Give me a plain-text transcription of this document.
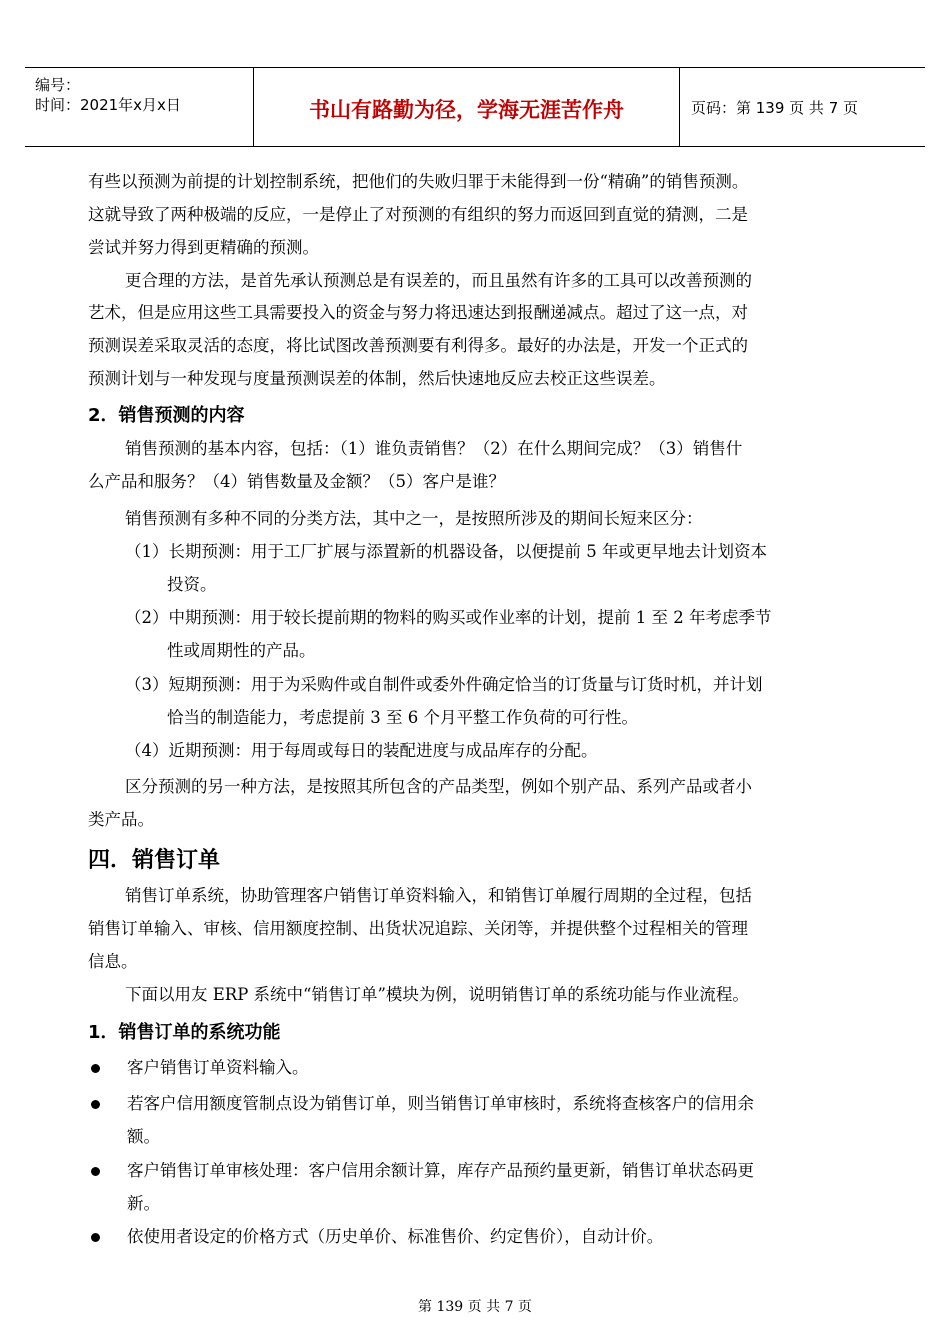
编号：
时间：2021年x月x日	书山有路勤为径，学海无涯苦作舟	页码：第 139 页 共 7 页
有些以预测为前提的计划控制系统，把他们的失败归罪于未能得到一份“精确”的销售预测。
这就导致了两种极端的反应，一是停止了对预测的有组织的努力而返回到直觉的猜测，二是
尝试并努力得到更精确的预测。
更合理的方法，是首先承认预测总是有误差的，而且虽然有许多的工具可以改善预测的
艺术，但是应用这些工具需要投入的资金与努力将迅速达到报酬递减点。超过了这一点，对
预测误差采取灵活的态度，将比试图改善预测要有利得多。最好的办法是，开发一个正式的
预测计划与一种发现与度量预测误差的体制，然后快速地反应去校正这些误差。
2．销售预测的内容
销售预测的基本内容，包括：（1）谁负责销售？（2）在什么期间完成？（3）销售什
么产品和服务？（4）销售数量及金额？（5）客户是谁？
销售预测有多种不同的分类方法，其中之一，是按照所涉及的期间长短来区分：
（1）长期预测：用于工厂扩展与添置新的机器设备，以便提前 5 年或更早地去计划资本
投资。
（2）中期预测：用于较长提前期的物料的购买或作业率的计划，提前 1 至 2 年考虑季节
性或周期性的产品。
（3）短期预测：用于为采购件或自制件或委外件确定恰当的订货量与订货时机，并计划
恰当的制造能力，考虑提前 3 至 6 个月平整工作负荷的可行性。
（4）近期预测：用于每周或每日的装配进度与成品库存的分配。
区分预测的另一种方法，是按照其所包含的产品类型，例如个别产品、系列产品或者小
类产品。
四．销售订单
销售订单系统，协助管理客户销售订单资料输入，和销售订单履行周期的全过程，包括
销售订单输入、审核、信用额度控制、出货状况追踪、关闭等，并提供整个过程相关的管理
信息。
下面以用友 ERP 系统中“销售订单”模块为例，说明销售订单的系统功能与作业流程。
1．销售订单的系统功能
客户销售订单资料输入。
若客户信用额度管制点设为销售订单，则当销售订单审核时，系统将查核客户的信用余
额。
客户销售订单审核处理：客户信用余额计算，库存产品预约量更新，销售订单状态码更
新。
依使用者设定的价格方式（历史单价、标准售价、约定售价），自动计价。
第 139 页 共 7 页
